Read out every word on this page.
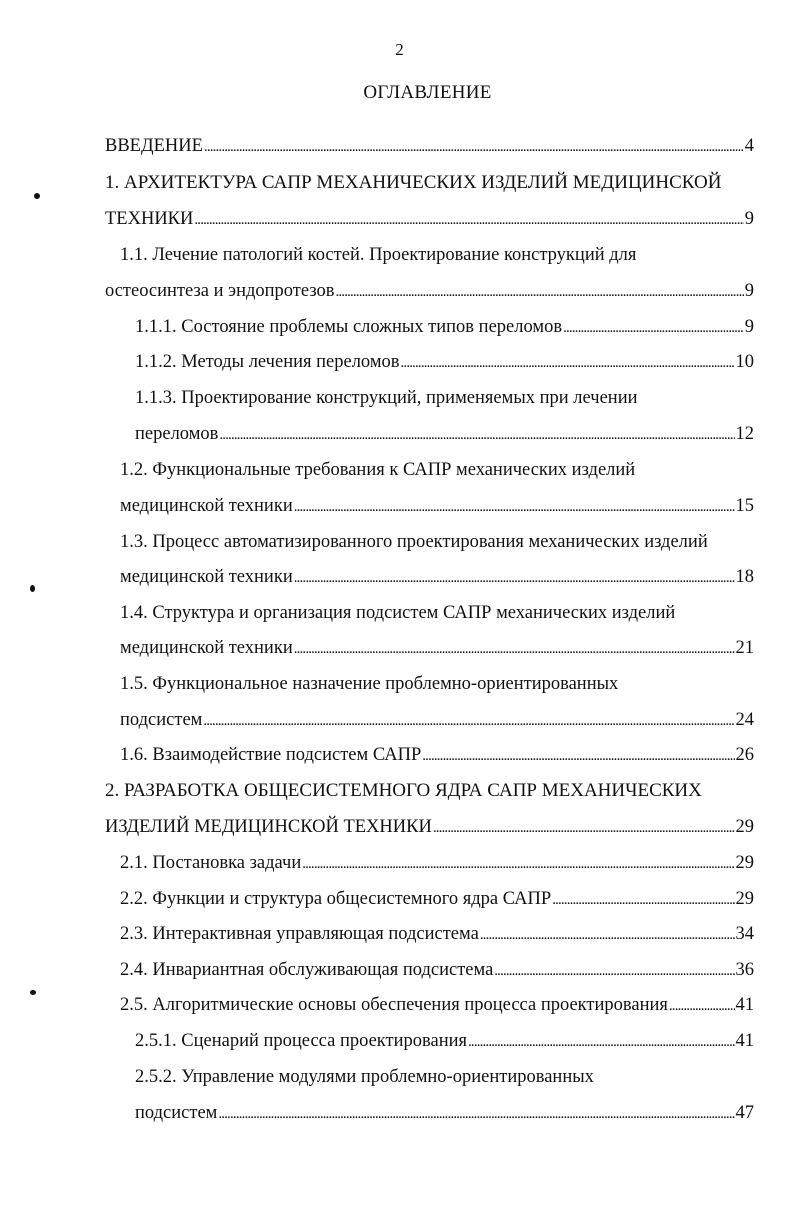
2
ОГЛАВЛЕНИЕ
ВВЕДЕНИЕ . . .	4
1. АРХИТЕКТУРА САПР МЕХАНИЧЕСКИХ ИЗДЕЛИЙ МЕДИЦИНСКОЙ
ТЕХНИКИ . . .	9
1.1. Лечение патологий костей. Проектирование конструкций для
остеосинтеза и эндопротезов . . .	9
1.1.1. Состояние проблемы сложных типов переломов . . .	9
1.1.2. Методы лечения переломов . . .	10
1.1.3. Проектирование конструкций, применяемых при лечении
переломов . . .	12
1.2. Функциональные требования к САПР механических изделий
медицинской техники . . .	15
1.3. Процесс автоматизированного проектирования механических изделий
медицинской техники . . .	18
1.4. Структура и организация подсистем САПР механических изделий
медицинской техники . . .	21
1.5. Функциональное назначение проблемно-ориентированных
подсистем . . .	24
1.6. Взаимодействие подсистем САПР . . .	26
2. РАЗРАБОТКА ОБЩЕСИСТЕМНОГО ЯДРА САПР МЕХАНИЧЕСКИХ
ИЗДЕЛИЙ МЕДИЦИНСКОЙ ТЕХНИКИ . . .	29
2.1. Постановка задачи . . .	29
2.2. Функции и структура общесистемного ядра САПР . . .	29
2.3. Интерактивная управляющая подсистема . . .	34
2.4. Инвариантная обслуживающая подсистема . . .	36
2.5. Алгоритмические основы обеспечения процесса проектирования . . .	41
2.5.1. Сценарий процесса проектирования . . .	41
2.5.2. Управление модулями проблемно-ориентированных
подсистем . . .	47
